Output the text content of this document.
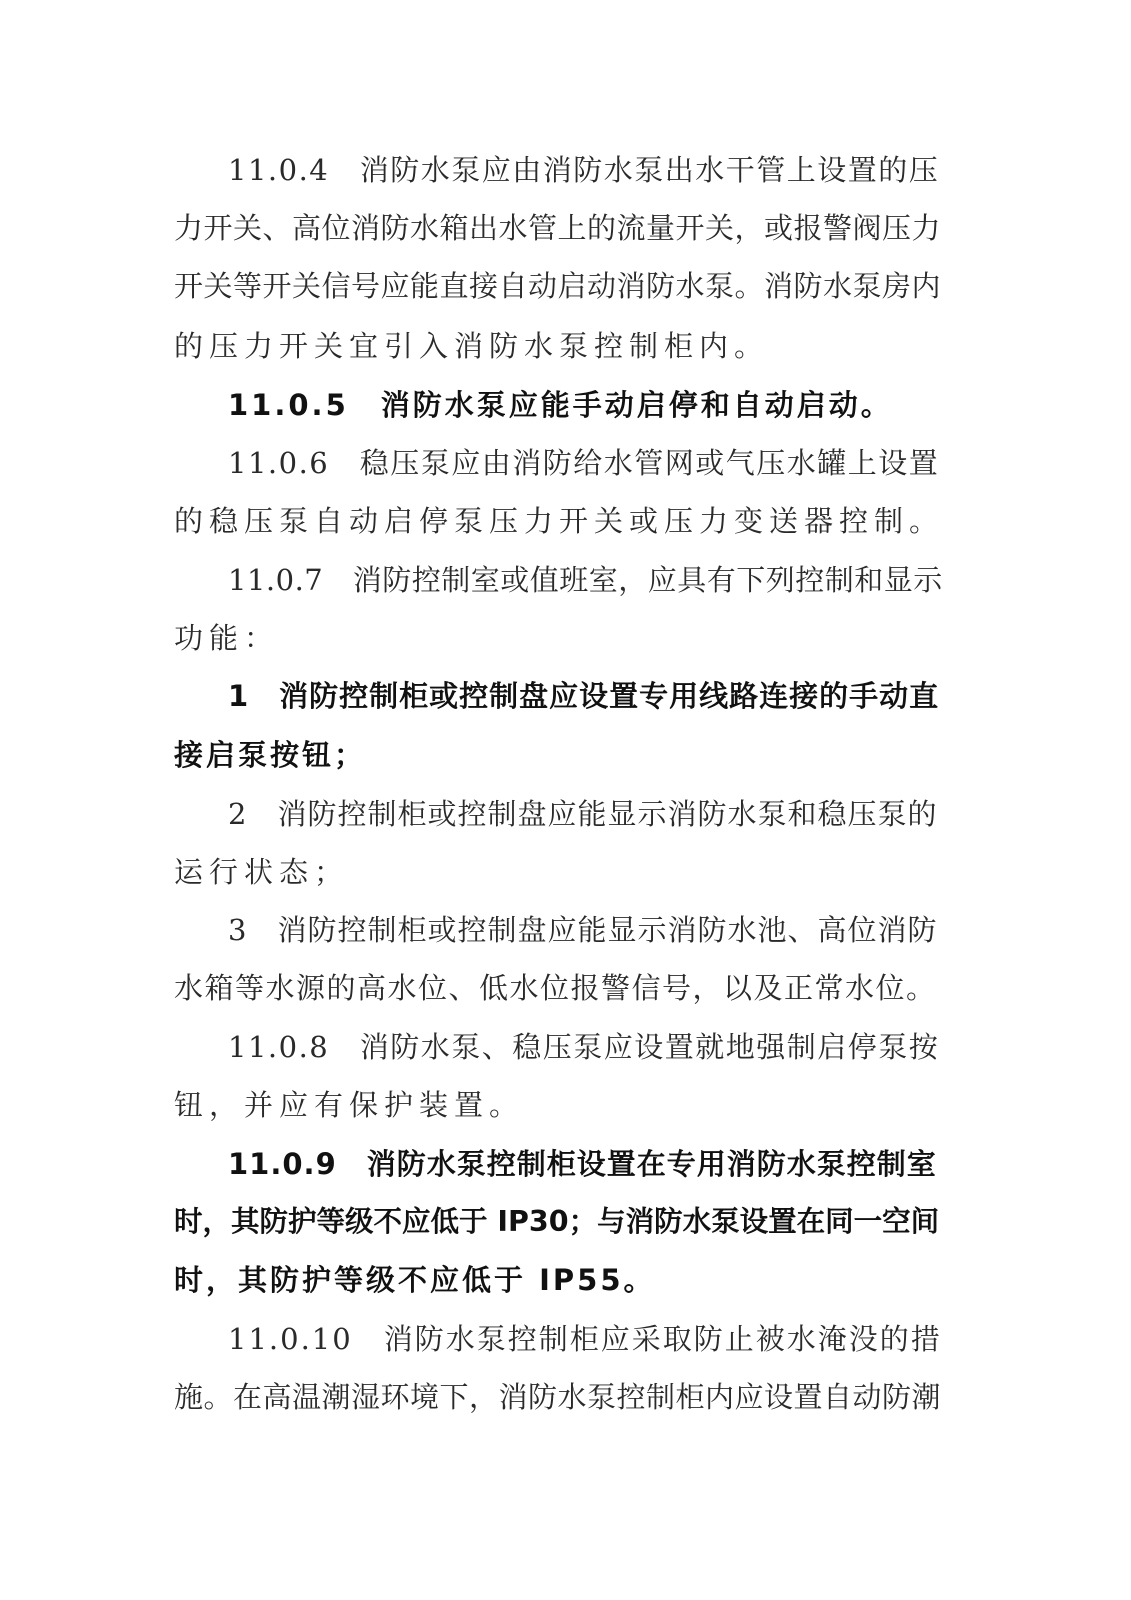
11.0.4　消防水泵应由消防水泵出水干管上设置的压
力开关、高位消防水箱出水管上的流量开关，或报警阀压力
开关等开关信号应能直接自动启动消防水泵。消防水泵房内
的压力开关宜引入消防水泵控制柜内。
11.0.5　消防水泵应能手动启停和自动启动。
11.0.6　稳压泵应由消防给水管网或气压水罐上设置
的稳压泵自动启停泵压力开关或压力变送器控制。
11.0.7　消防控制室或值班室，应具有下列控制和显示
功能：
1　消防控制柜或控制盘应设置专用线路连接的手动直
接启泵按钮；
2　消防控制柜或控制盘应能显示消防水泵和稳压泵的
运行状态；
3　消防控制柜或控制盘应能显示消防水池、高位消防
水箱等水源的高水位、低水位报警信号，以及正常水位。
11.0.8　消防水泵、稳压泵应设置就地强制启停泵按
钮，并应有保护装置。
11.0.9　消防水泵控制柜设置在专用消防水泵控制室
时，其防护等级不应低于 IP30；与消防水泵设置在同一空间
时，其防护等级不应低于 IP55。
11.0.10　消防水泵控制柜应采取防止被水淹没的措
施。在高温潮湿环境下，消防水泵控制柜内应设置自动防潮
